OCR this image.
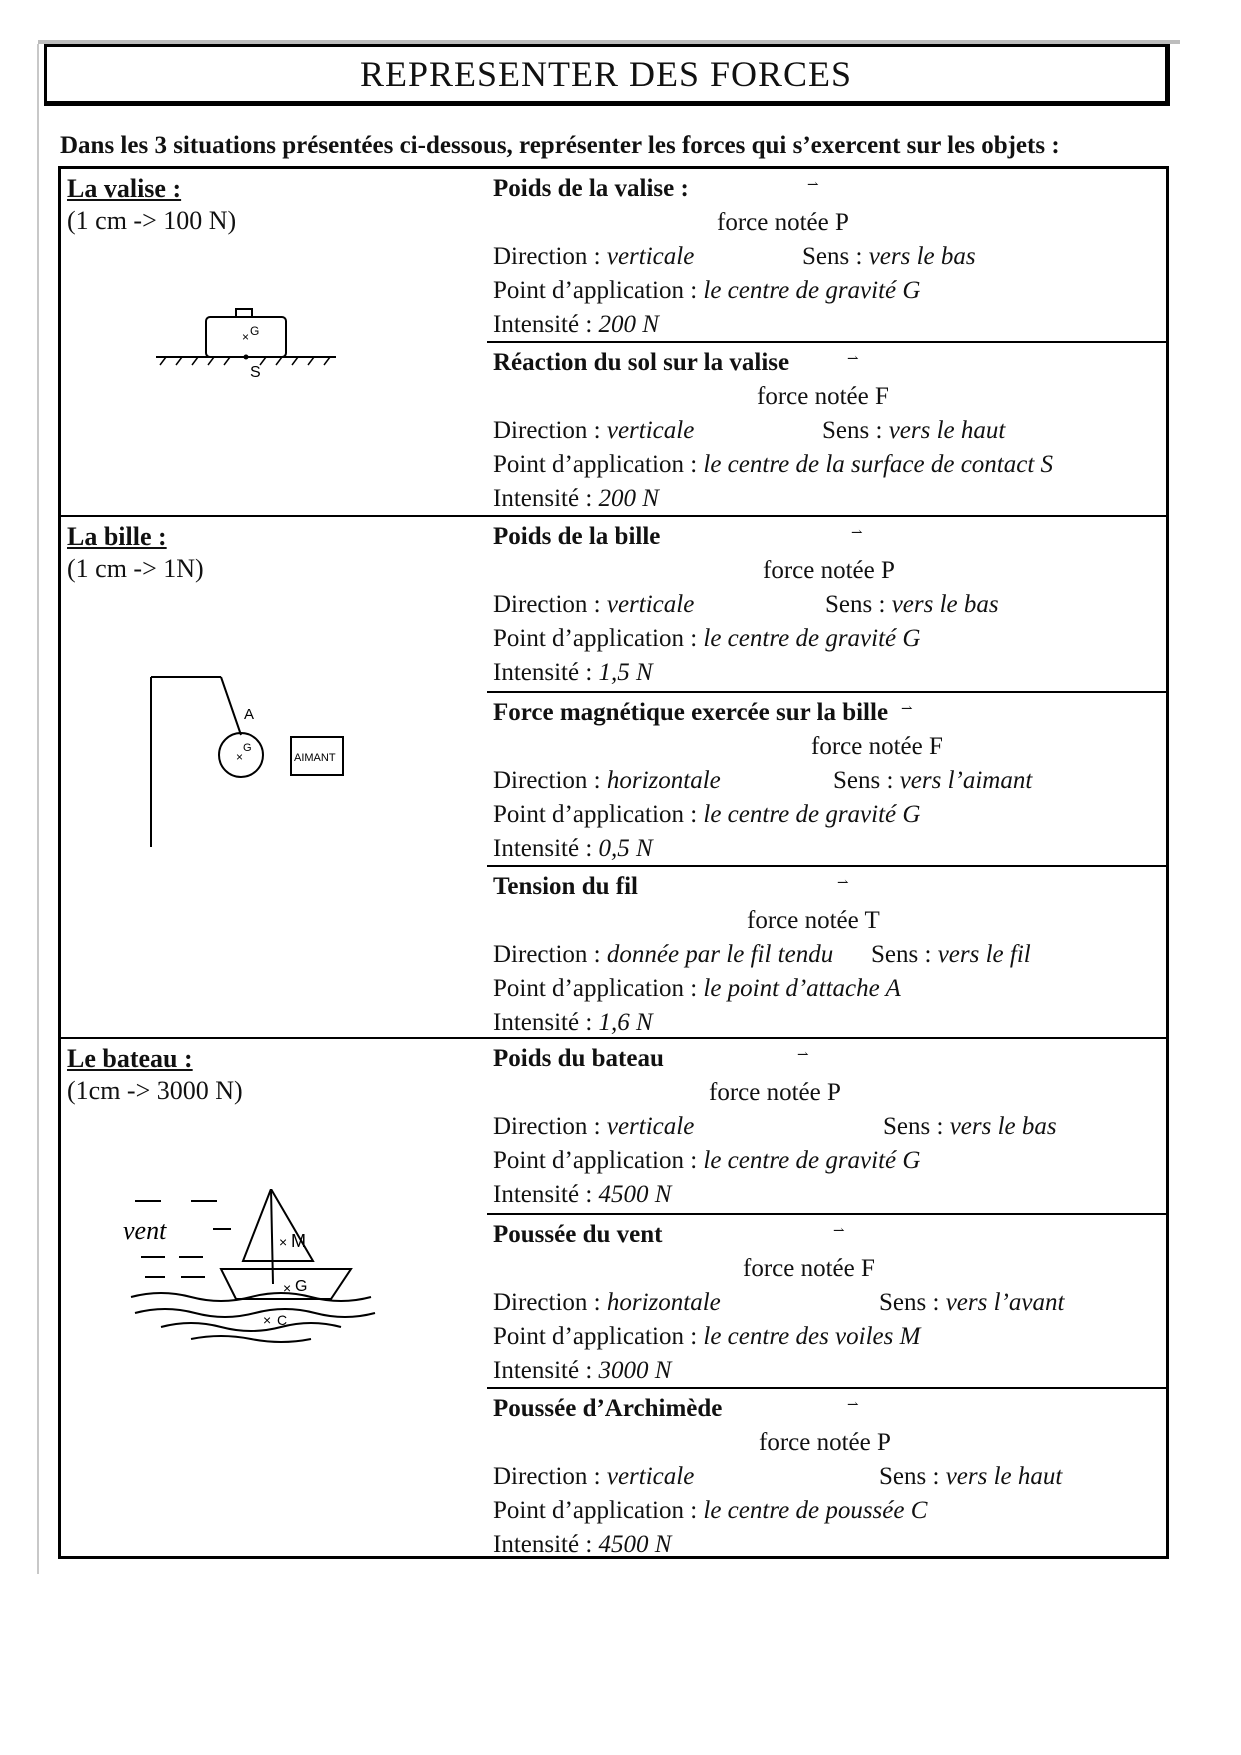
REPRESENTER DES FORCES
Dans les 3 situations présentées ci-dessous, représenter les forces qui s’exercent sur les objets :
La valise :
(1 cm -> 100 N)
× G
S
Poids de la valise :	⇀
force notée P
Direction : verticale	Sens : vers le bas
Point d’application : le centre de gravité G
Intensité : 200 N
Réaction du sol sur la valise	⇀
force notée F
Direction : verticale	Sens : vers le haut
Point d’application : le centre de la surface de contact S
Intensité : 200 N
La bille :
(1 cm -> 1N)
A
×
G
AIMANT
Poids de la bille	⇀
force notée P
Direction : verticale	Sens : vers le bas
Point d’application : le centre de gravité G
Intensité : 1,5 N
Force magnétique exercée sur la bille ⇀
force notée F
Direction : horizontale	Sens : vers l’aimant
Point d’application : le centre de gravité G
Intensité : 0,5 N
Tension du fil	⇀
force notée T
Direction : donnée par le fil tendu Sens : vers le fil
Point d’application : le point d’attache A
Intensité : 1,6 N
Le bateau :
(1cm -> 3000 N)
vent	× M
× G
× C
Poids du bateau	⇀
force notée P
Direction : verticale	Sens : vers le bas
Point d’application : le centre de gravité G
Intensité : 4500 N
Poussée du vent	⇀
force notée F
Direction : horizontale	Sens : vers l’avant
Point d’application : le centre des voiles M
Intensité : 3000 N
Poussée d’Archimède	⇀
force notée P
Direction : verticale	Sens : vers le haut
Point d’application : le centre de poussée C
Intensité : 4500 N
